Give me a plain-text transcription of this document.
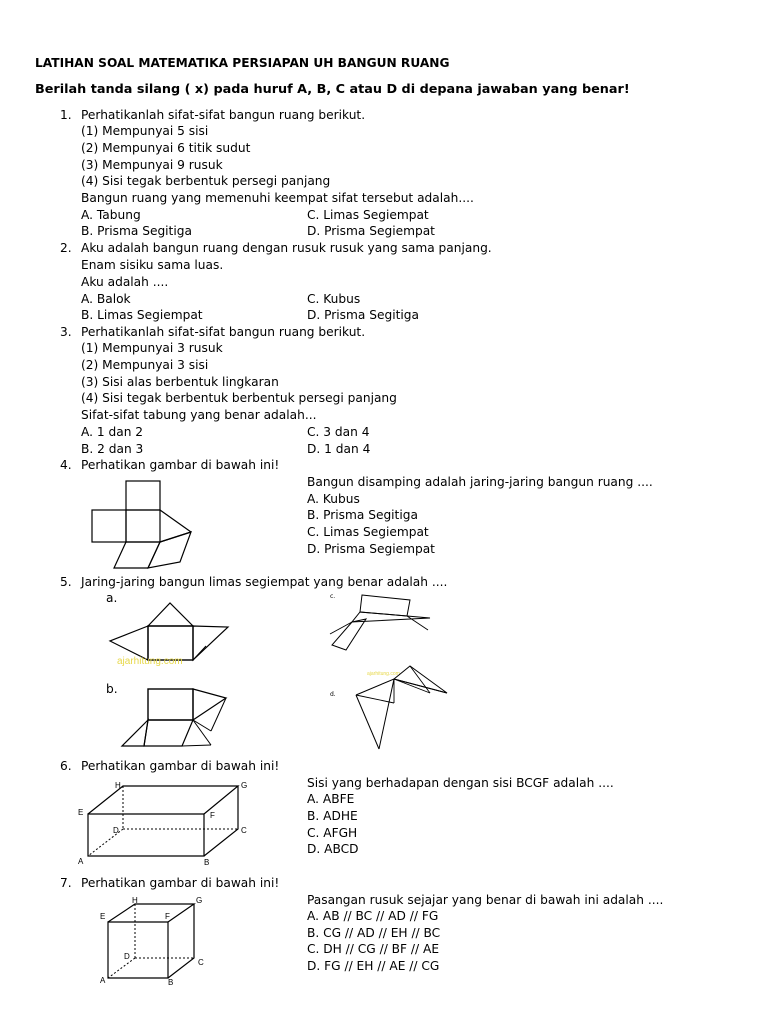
LATIHAN SOAL MATEMATIKA PERSIAPAN UH BANGUN RUANG
Berilah tanda silang ( x) pada huruf A, B, C atau D di depana jawaban yang benar!
1. Perhatikanlah sifat-sifat bangun ruang berikut.
(1) Mempunyai 5 sisi
(2) Mempunyai 6 titik sudut
(3) Mempunyai 9 rusuk
(4) Sisi tegak berbentuk persegi panjang
Bangun ruang yang memenuhi keempat sifat tersebut adalah....
A. Tabung	C. Limas Segiempat
B. Prisma Segitiga	D. Prisma Segiempat
2. Aku adalah bangun ruang dengan rusuk rusuk yang sama panjang.
Enam sisiku sama luas.
Aku adalah ....
A. Balok	C. Kubus
B. Limas Segiempat	D. Prisma Segitiga
3. Perhatikanlah sifat-sifat bangun ruang berikut.
(1) Mempunyai 3 rusuk
(2) Mempunyai 3 sisi
(3) Sisi alas berbentuk lingkaran
(4) Sisi tegak berbentuk berbentuk persegi panjang
Sifat-sifat tabung yang benar adalah...
A. 1 dan 2	C. 3 dan 4
B. 2 dan 3	D. 1 dan 4
4. Perhatikan gambar di bawah ini!
Bangun disamping adalah jaring-jaring bangun ruang ....
A. Kubus
B. Prisma Segitiga
C. Limas Segiempat
D. Prisma Segiempat
5. Jaring-jaring bangun limas segiempat yang benar adalah ....
a.
ajarhitung.com
b.
c.
ajarhitung.com
d.
6. Perhatikan gambar di bawah ini!
H	G
E	F
D	C
A	B
Sisi yang berhadapan dengan sisi BCGF adalah ....
A. ABFE
B. ADHE
C. AFGH
D. ABCD
7. Perhatikan gambar di bawah ini!
H	G
E	F
D
C
A	B
Pasangan rusuk sejajar yang benar di bawah ini adalah ....
A. AB // BC // AD // FG
B. CG // AD // EH // BC
C. DH // CG // BF // AE
D. FG // EH // AE // CG
